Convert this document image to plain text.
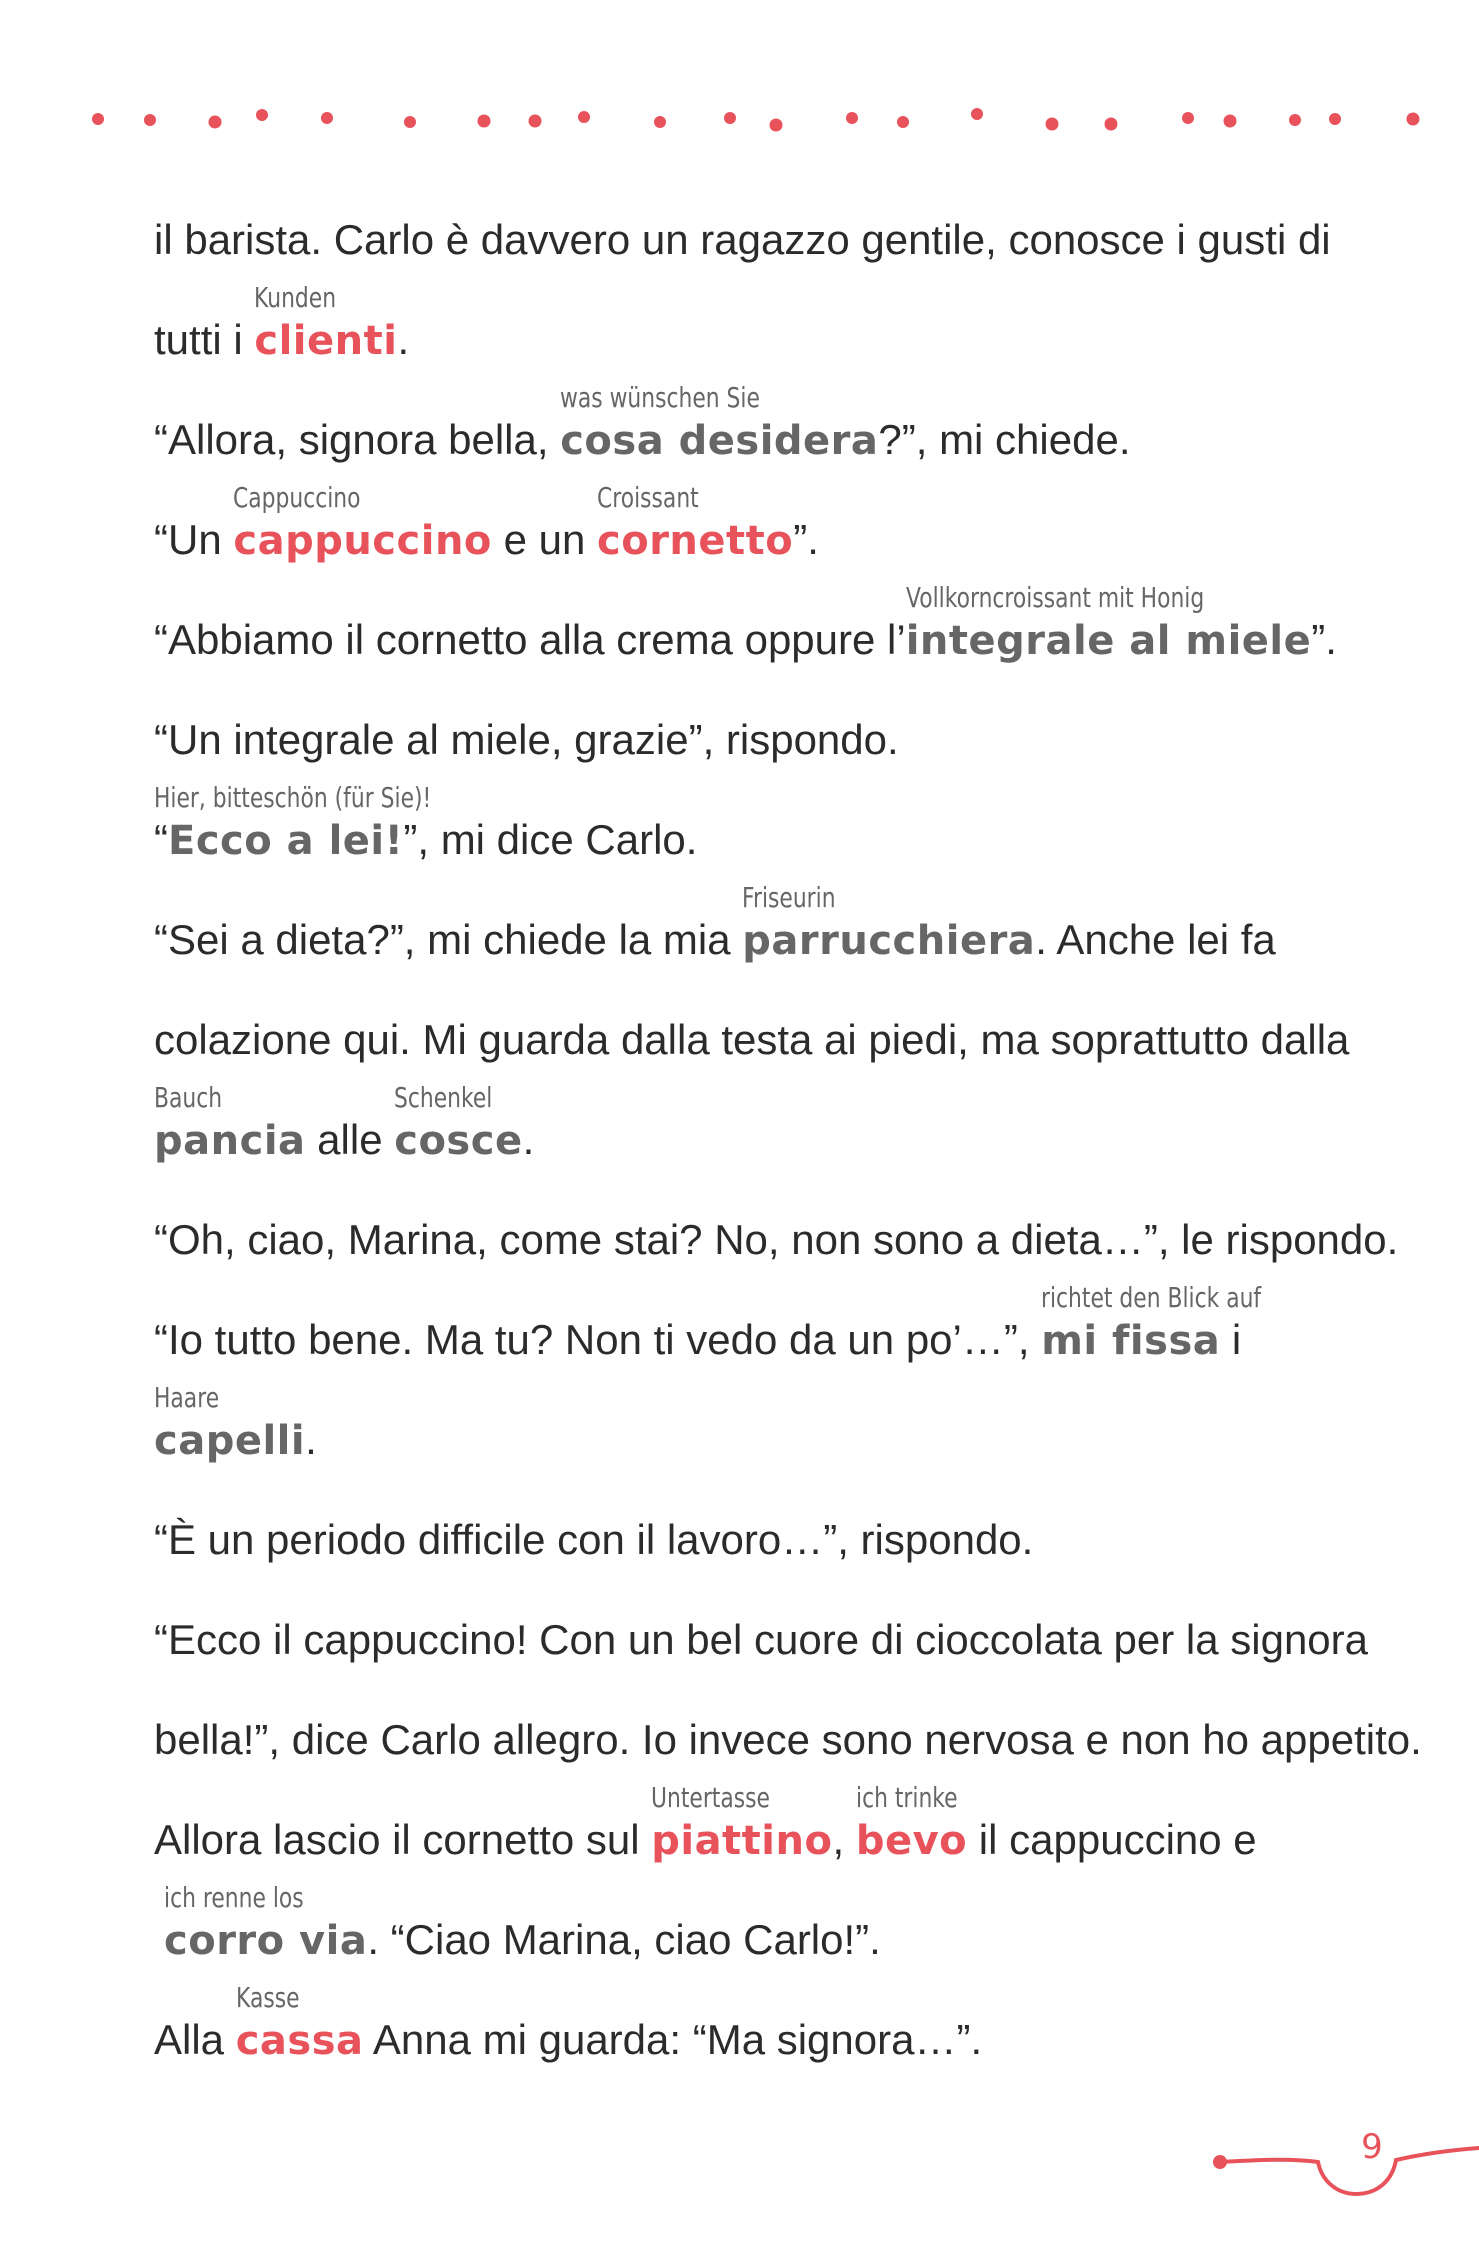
il barista. Carlo è davvero un ragazzo gentile, conosce i gusti di
tutti i
Kunden
clienti.
“Allora, signora bella,
was wünschen Sie
cosa desidera?”, mi chiede.
“Un
Cappuccino
cappuccino e un
Croissant
cornetto”.
“Abbiamo il cornetto alla crema oppure l’
Vollkorncroissant mit Honig
integrale al miele”.
“Un integrale al miele, grazie”, rispondo.
“
Hier, bitteschön (für Sie)!
Ecco a lei!”, mi dice Carlo.
“Sei a dieta?”, mi chiede la mia
Friseurin
parrucchiera. Anche lei fa
colazione qui. Mi guarda dalla testa ai piedi, ma soprattutto dalla
Bauch
pancia alle
Schenkel
cosce.
“Oh, ciao, Marina, come stai? No, non sono a dieta…”, le rispondo.
“Io tutto bene. Ma tu? Non ti vedo da un po’…”,
richtet den Blick auf
mi fissa i
Haare
capelli.
“È un periodo difficile con il lavoro…”, rispondo.
“Ecco il cappuccino! Con un bel cuore di cioccolata per la signora
bella!”, dice Carlo allegro. Io invece sono nervosa e non ho appetito.
Allora lascio il cornetto sul
Untertasse
piattino,
ich trinke
bevo il cappuccino e
ich renne los
corro via. “Ciao Marina, ciao Carlo!”.
Alla
Kasse
cassa Anna mi guarda: “Ma signora…”.
9
